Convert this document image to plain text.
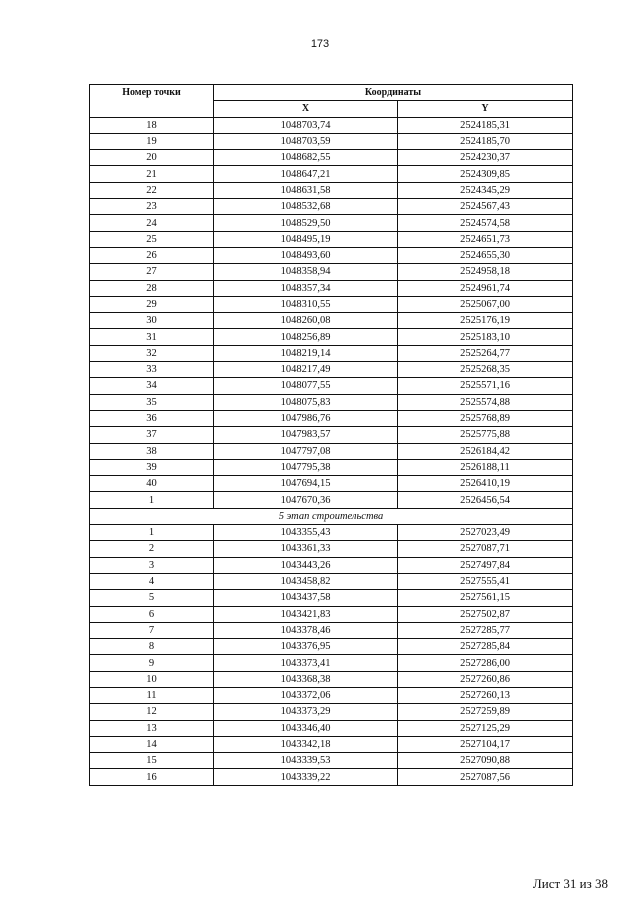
173
Номер точки	Координаты	
	X	Y
18	1048703,74	2524185,31
19	1048703,59	2524185,70
20	1048682,55	2524230,37
21	1048647,21	2524309,85
22	1048631,58	2524345,29
23	1048532,68	2524567,43
24	1048529,50	2524574,58
25	1048495,19	2524651,73
26	1048493,60	2524655,30
27	1048358,94	2524958,18
28	1048357,34	2524961,74
29	1048310,55	2525067,00
30	1048260,08	2525176,19
31	1048256,89	2525183,10
32	1048219,14	2525264,77
33	1048217,49	2525268,35
34	1048077,55	2525571,16
35	1048075,83	2525574,88
36	1047986,76	2525768,89
37	1047983,57	2525775,88
38	1047797,08	2526184,42
39	1047795,38	2526188,11
40	1047694,15	2526410,19
1	1047670,36	2526456,54
5 этап строительства		
1	1043355,43	2527023,49
2	1043361,33	2527087,71
3	1043443,26	2527497,84
4	1043458,82	2527555,41
5	1043437,58	2527561,15
6	1043421,83	2527502,87
7	1043378,46	2527285,77
8	1043376,95	2527285,84
9	1043373,41	2527286,00
10	1043368,38	2527260,86
11	1043372,06	2527260,13
12	1043373,29	2527259,89
13	1043346,40	2527125,29
14	1043342,18	2527104,17
15	1043339,53	2527090,88
16	1043339,22	2527087,56
Лист 31 из 38
